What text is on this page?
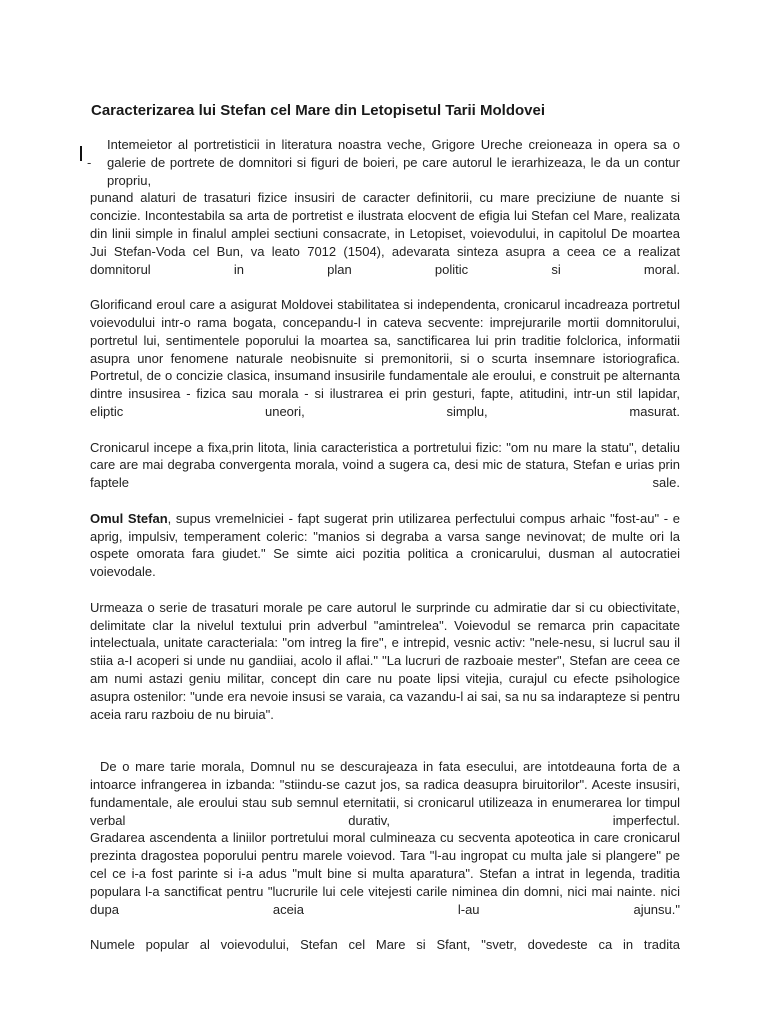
Caracterizarea lui Stefan cel Mare din Letopisetul Tarii Moldovei
-

Intemeietor al portretisticii in literatura noastra veche, Grigore Ureche creioneaza in opera sa o galerie de portrete de domnitori si figuri de boieri, pe care autorul le ierarhizeaza, le da un contur propriu,

punand alaturi de trasaturi fizice insusiri de caracter definitorii, cu mare preciziune de nuante si concizie. Incontestabila sa arta de portretist e ilustrata elocvent de efigia lui Stefan cel Mare, realizata din linii simple in finalul amplei sectiuni consacrate, in Letopiset, voievodului, in capitolul De moartea Jui Stefan-Voda cel Bun, va leato 7012 (1504), adevarata sinteza asupra a ceea ce a realizat domnitorul in plan politic si moral.

Glorificand eroul care a asigurat Moldovei stabilitatea si independenta, cronicarul incadreaza portretul voievodului intr-o rama bogata, concepandu-l in cateva secvente: imprejurarile mortii domnitorului, portretul lui, sentimentele poporului la moartea sa, sanctificarea lui prin traditie folclorica, informatii asupra unor fenomene naturale neobisnuite si premonitorii, si o scurta insemnare istoriografica.

Portretul, de o concizie clasica, insumand insusirile fundamentale ale eroului, e construit pe alternanta dintre insusirea - fizica sau morala - si ilustrarea ei prin gesturi, fapte, atitudini, intr-un stil lapidar, eliptic uneori, simplu, masurat.

Cronicarul incepe a fixa,prin litota, linia caracteristica a portretului fizic: "om nu mare la statu", detaliu care are mai degraba convergenta morala, voind a sugera ca, desi mic de statura, Stefan e urias prin faptele sale.

Omul Stefan, supus vremelniciei - fapt sugerat prin utilizarea perfectului compus arhaic "fost-au" - e aprig, impulsiv, temperament coleric: "manios si degraba a varsa sange nevinovat; de multe ori la ospete omorata fara giudet." Se simte aici pozitia politica a cronicarului, dusman al autocratiei voievodale.

Urmeaza o serie de trasaturi morale pe care autorul le surprinde cu admiratie dar si cu obiectivitate, delimitate clar la nivelul textului prin adverbul "amintrelea". Voievodul se remarca prin capacitate intelectuala, unitate caracteriala: "om intreg la fire", e intrepid, vesnic activ: "nele-nesu, si lucrul sau il stiia a-I acoperi si unde nu gandiiai, acolo il aflai." "La lucruri de razboaie mester", Stefan are ceea ce am numi astazi geniu militar, concept din care nu poate lipsi vitejia, curajul cu efecte psihologice asupra ostenilor: "unde era nevoie insusi se varaia, ca vazandu-l ai sai, sa nu sa indarapteze si pentru aceia raru razboiu de nu biruia".

De o mare tarie morala, Domnul nu se descurajeaza in fata esecului, are intotdeauna forta de a intoarce infrangerea in izbanda: "stiindu-se cazut jos, sa radica deasupra biruitorilor". Aceste insusiri, fundamentale, ale eroului stau sub semnul eternitatii, si cronicarul utilizeaza in enumerarea lor timpul verbal durativ, imperfectul.

Gradarea ascendenta a liniilor portretului moral culmineaza cu secventa apoteotica in care cronicarul prezinta dragostea poporului pentru marele voievod. Tara "l-au ingropat cu multa jale si plangere" pe cel ce i-a fost parinte si i-a adus "mult bine si multa aparatura". Stefan a intrat in legenda, traditia populara l-a sanctificat pentru "lucrurile lui cele vitejesti carile niminea din domni, nici mai nainte. nici dupa aceia l-au ajunsu."

Numele popular al voievodului, Stefan cel Mare si Sfant, "svetr, dovedeste ca in tradita
